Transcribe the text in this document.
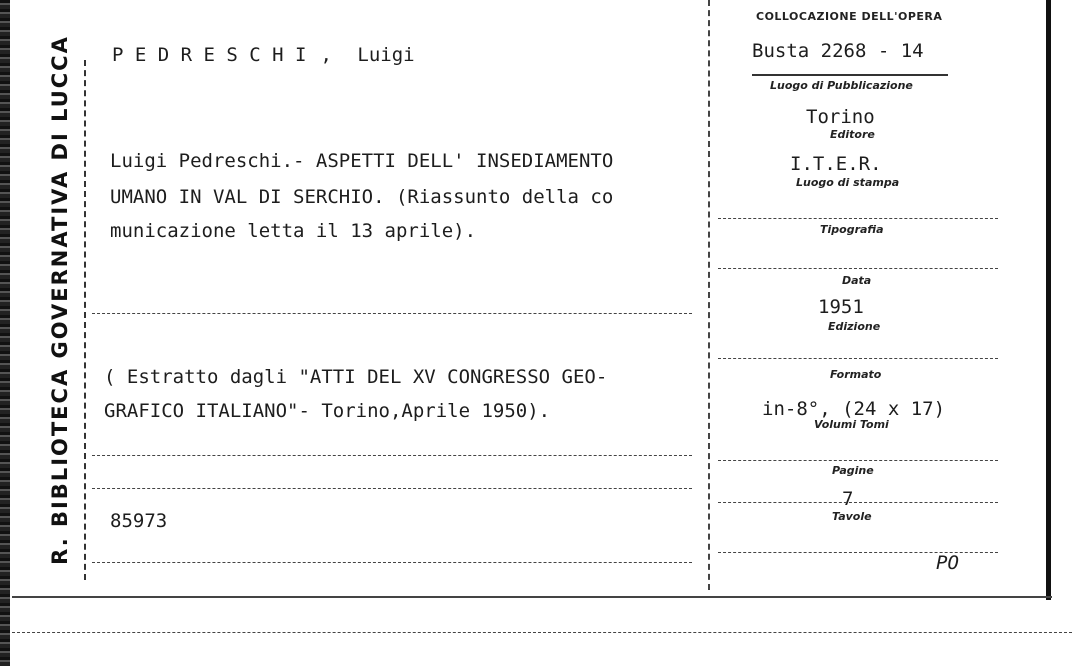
R. BIBLIOTECA GOVERNATIVA DI LUCCA P E D R E S C H I , Luigi
Luigi Pedreschi.- ASPETTI DELL' INSEDIAMENTO
UMANO IN VAL DI SERCHIO. (Riassunto della co
municazione letta il 13 aprile).
( Estratto dagli "ATTI DEL XV CONGRESSO GEO-
GRAFICO ITALIANO"- Torino,Aprile 1950).
85973
COLLOCAZIONE DELL'OPERA
Busta 2268 - 14
Luogo di Pubblicazione
Torino
Editore
I.T.E.R.
Luogo di stampa
Tipografia
Data
1951
Edizione
Formato
in-8°, (24 x 17)
Volumi Tomi
Pagine
7
Tavole
PO
